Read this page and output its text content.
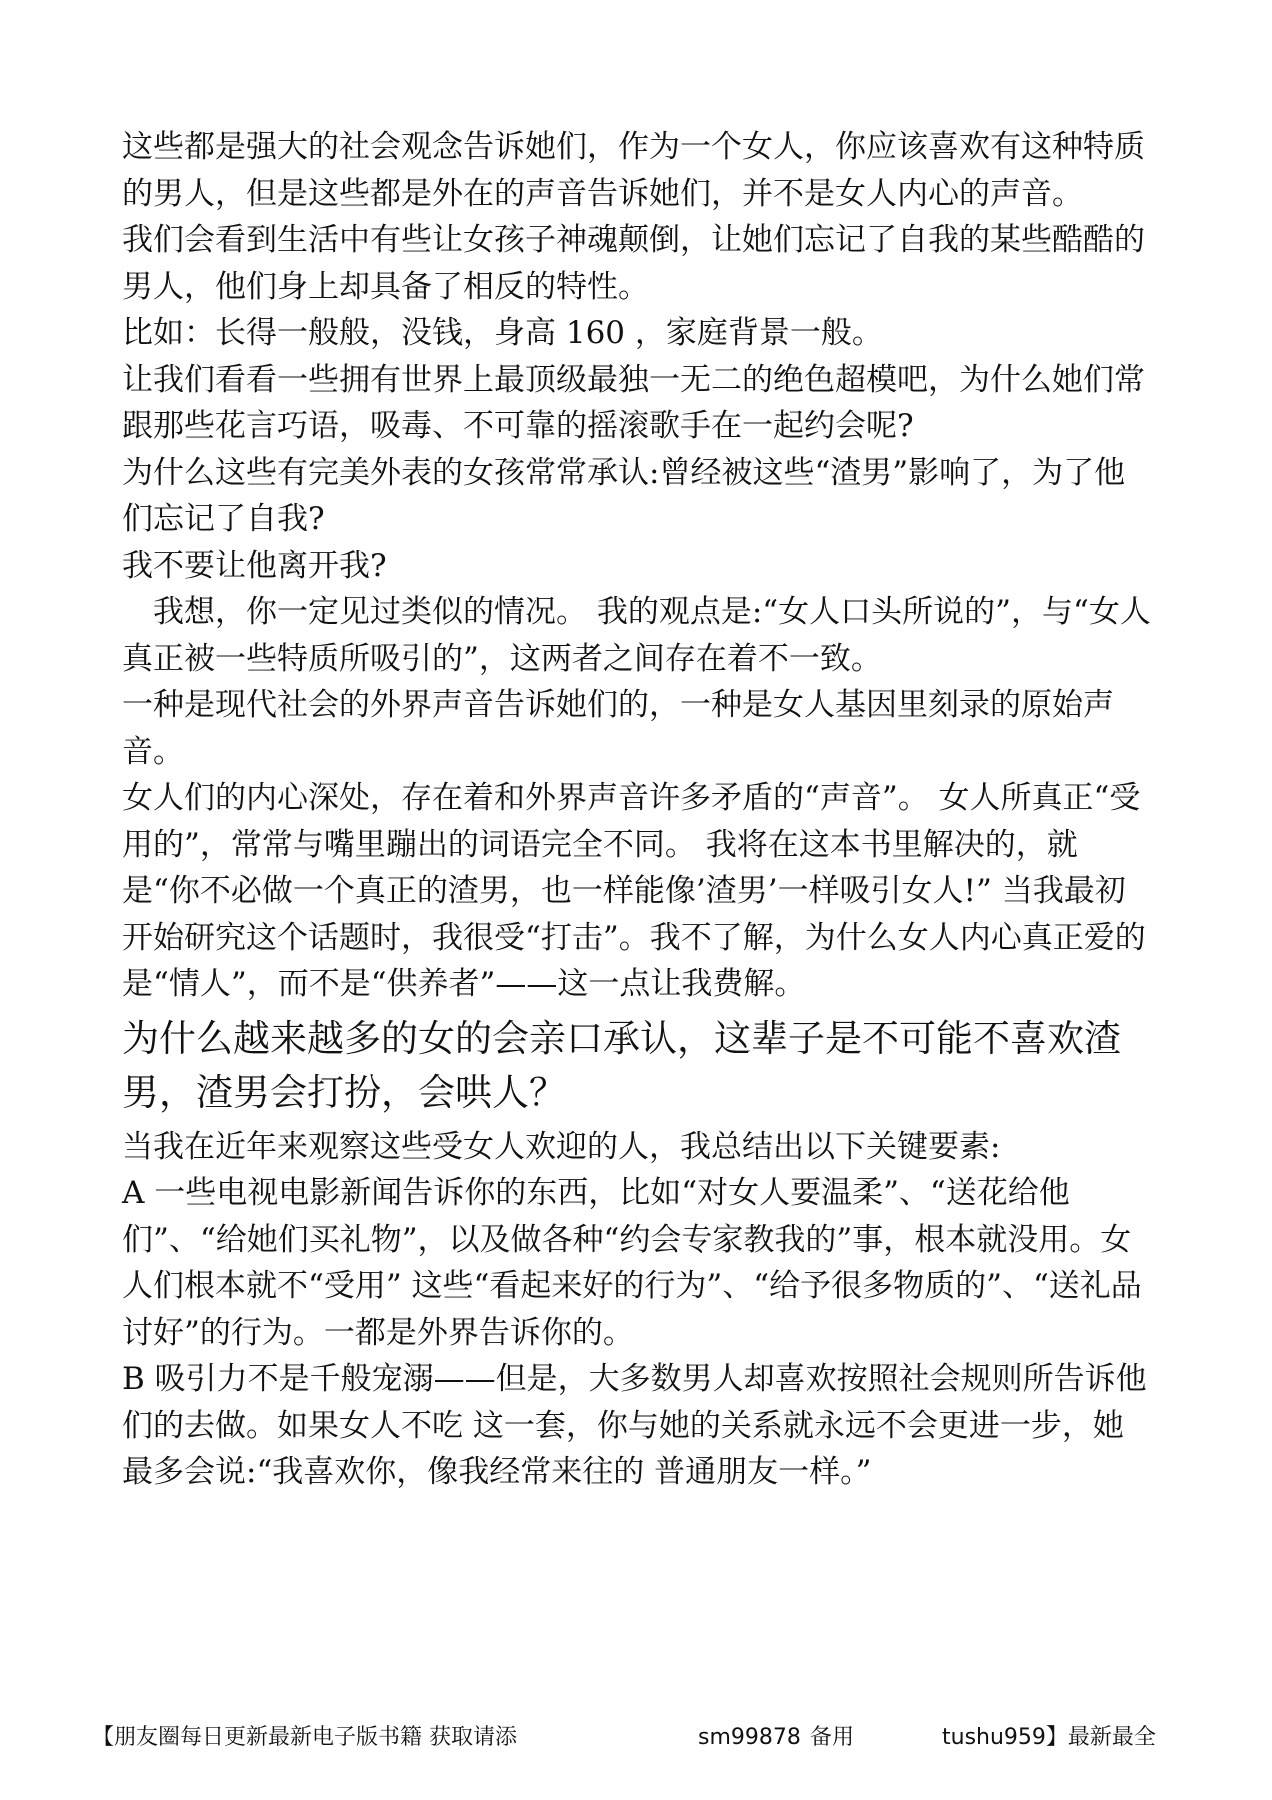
这些都是强大的社会观念告诉她们，作为一个女人，你应该喜欢有这种特质的男人，但是这些都是外在的声音告诉她们，并不是女人内心的声音。

我们会看到生活中有些让女孩子神魂颠倒，让她们忘记了自我的某些酷酷的男人，他们身上却具备了相反的特性。

比如：长得一般般，没钱，身高 160 ，家庭背景一般。

让我们看看一些拥有世界上最顶级最独一无二的绝色超模吧，为什么她们常跟那些花言巧语，吸毒、不可靠的摇滚歌手在一起约会呢?

为什么这些有完美外表的女孩常常承认:曾经被这些“渣男”影响了，为了他们忘记了自我?

我不要让他离开我?

我想，你一定见过类似的情况。 我的观点是:“女人口头所说的”，与“女人真正被一些特质所吸引的”，这两者之间存在着不一致。

一种是现代社会的外界声音告诉她们的，一种是女人基因里刻录的原始声音。

女人们的内心深处，存在着和外界声音许多矛盾的“声音”。 女人所真正“受用的”，常常与嘴里蹦出的词语完全不同。 我将在这本书里解决的，就是“你不必做一个真正的渣男，也一样能像’渣男’一样吸引女人!” 当我最初开始研究这个话题时，我很受“打击”。我不了解，为什么女人内心真正爱的是“情人”，而不是“供养者”——这一点让我费解。

为什么越来越多的女的会亲口承认，这辈子是不可能不喜欢渣男，渣男会打扮，会哄人？

当我在近年来观察这些受女人欢迎的人，我总结出以下关键要素:

A 一些电视电影新闻告诉你的东西，比如“对女人要温柔”、“送花给他们”、“给她们买礼物”，以及做各种“约会专家教我的”事，根本就没用。女人们根本就不“受用” 这些“看起来好的行为”、“给予很多物质的”、“送礼品讨好”的行为。一都是外界告诉你的。

B 吸引力不是千般宠溺——但是，大多数男人却喜欢按照社会规则所告诉他们的去做。如果女人不吃 这一套，你与她的关系就永远不会更进一步，她最多会说:“我喜欢你，像我经常来往的 普通朋友一样。”

【朋友圈每日更新最新电子版书籍 获取请添	sm99878 备用	tushu959】最新最全
